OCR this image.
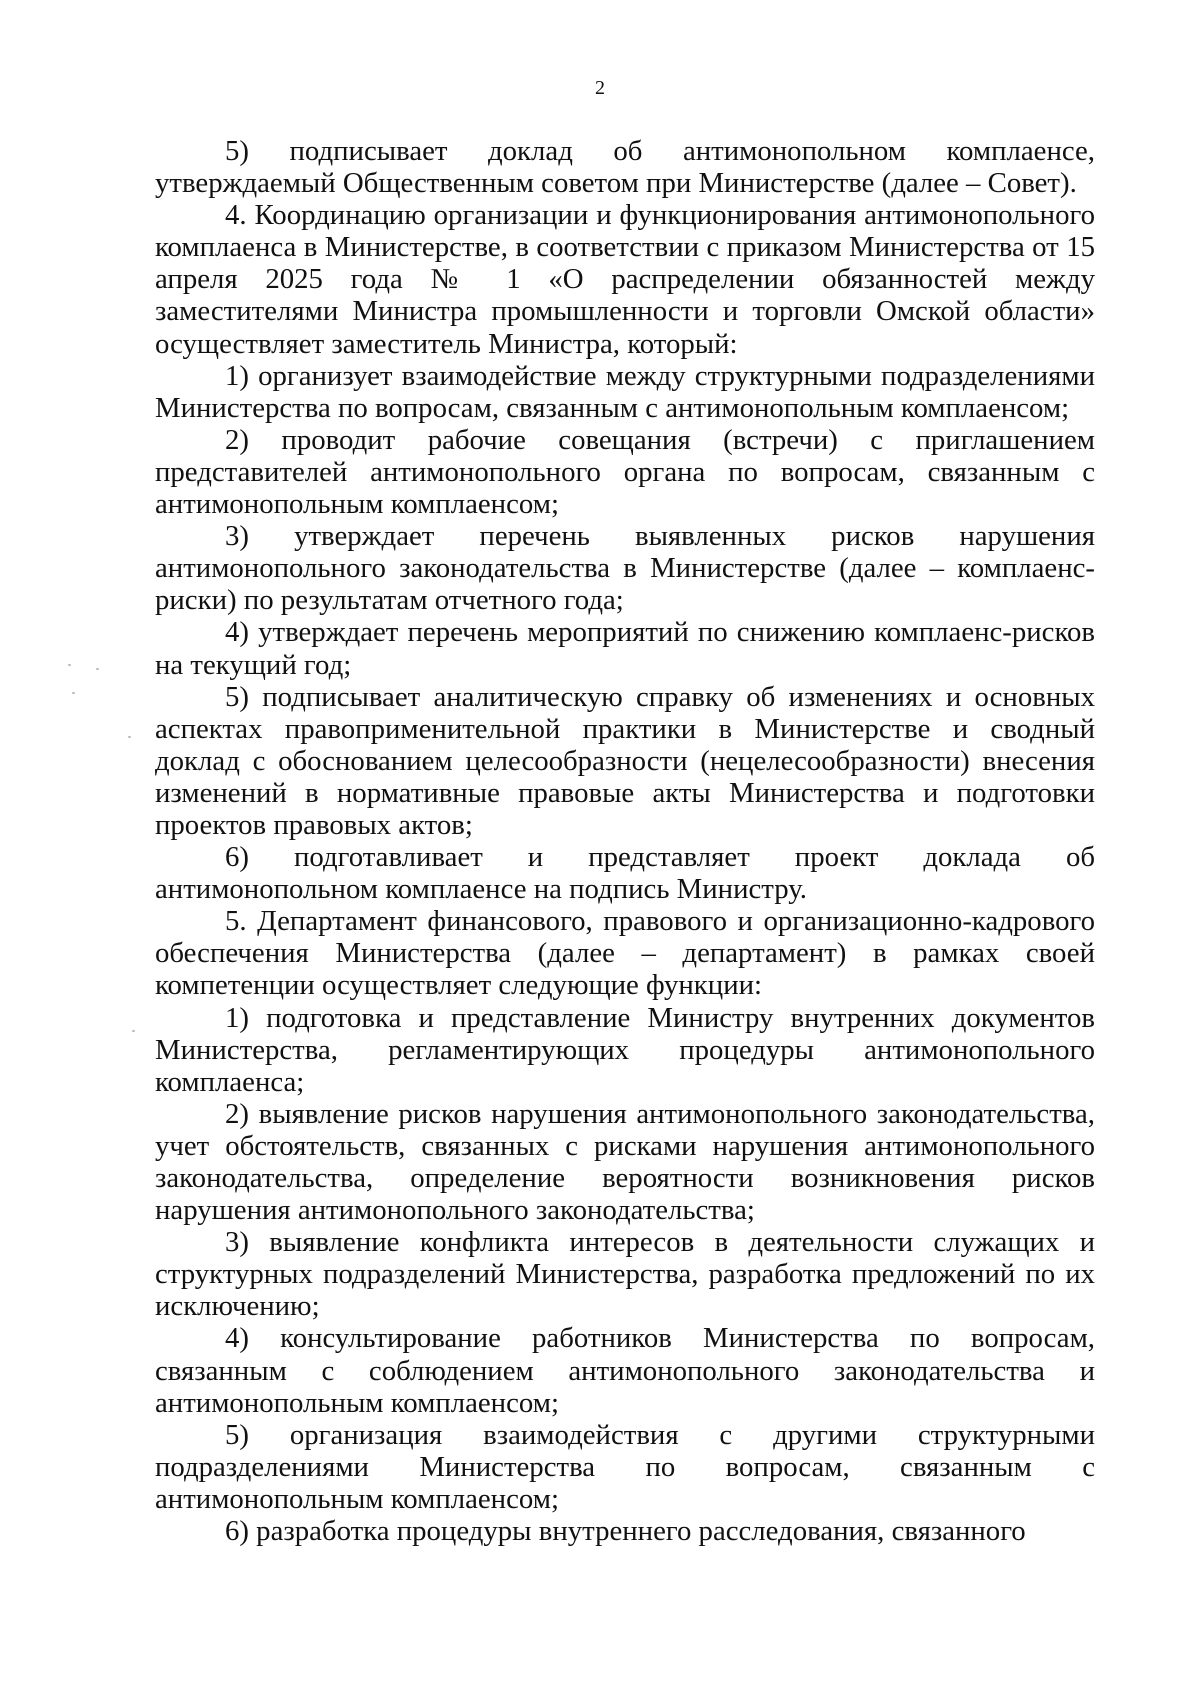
2

5) подписывает доклад об антимонопольном комплаенсе, утверждаемый Общественным советом при Министерстве (далее – Совет).

4. Координацию организации и функционирования антимонопольного комплаенса в Министерстве, в соответствии с приказом Министерства от 15 апреля 2025 года № 1 «О распределении обязанностей между заместителями Министра промышленности и торговли Омской области» осуществляет заместитель Министра, который:

1) организует взаимодействие между структурными подразделениями Министерства по вопросам, связанным с антимонопольным комплаенсом;

2) проводит рабочие совещания (встречи) с приглашением представителей антимонопольного органа по вопросам, связанным с антимонопольным комплаенсом;

3) утверждает перечень выявленных рисков нарушения антимонопольного законодательства в Министерстве (далее – комплаенс-риски) по результатам отчетного года;

4) утверждает перечень мероприятий по снижению комплаенс-рисков на текущий год;

5) подписывает аналитическую справку об изменениях и основных аспектах правоприменительной практики в Министерстве и сводный доклад с обоснованием целесообразности (нецелесообразности) внесения изменений в нормативные правовые акты Министерства и подготовки проектов правовых актов;

6) подготавливает и представляет проект доклада об антимонопольном комплаенсе на подпись Министру.

5. Департамент финансового, правового и организационно-кадрового обеспечения Министерства (далее – департамент) в рамках своей компетенции осуществляет следующие функции:

1) подготовка и представление Министру внутренних документов Министерства, регламентирующих процедуры антимонопольного комплаенса;

2) выявление рисков нарушения антимонопольного законодательства, учет обстоятельств, связанных с рисками нарушения антимонопольного законодательства, определение вероятности возникновения рисков нарушения антимонопольного законодательства;

3) выявление конфликта интересов в деятельности служащих и структурных подразделений Министерства, разработка предложений по их исключению;

4) консультирование работников Министерства по вопросам, связанным с соблюдением антимонопольного законодательства и антимонопольным комплаенсом;

5) организация взаимодействия с другими структурными подразделениями Министерства по вопросам, связанным с антимонопольным комплаенсом;

6) разработка процедуры внутреннего расследования, связанного
